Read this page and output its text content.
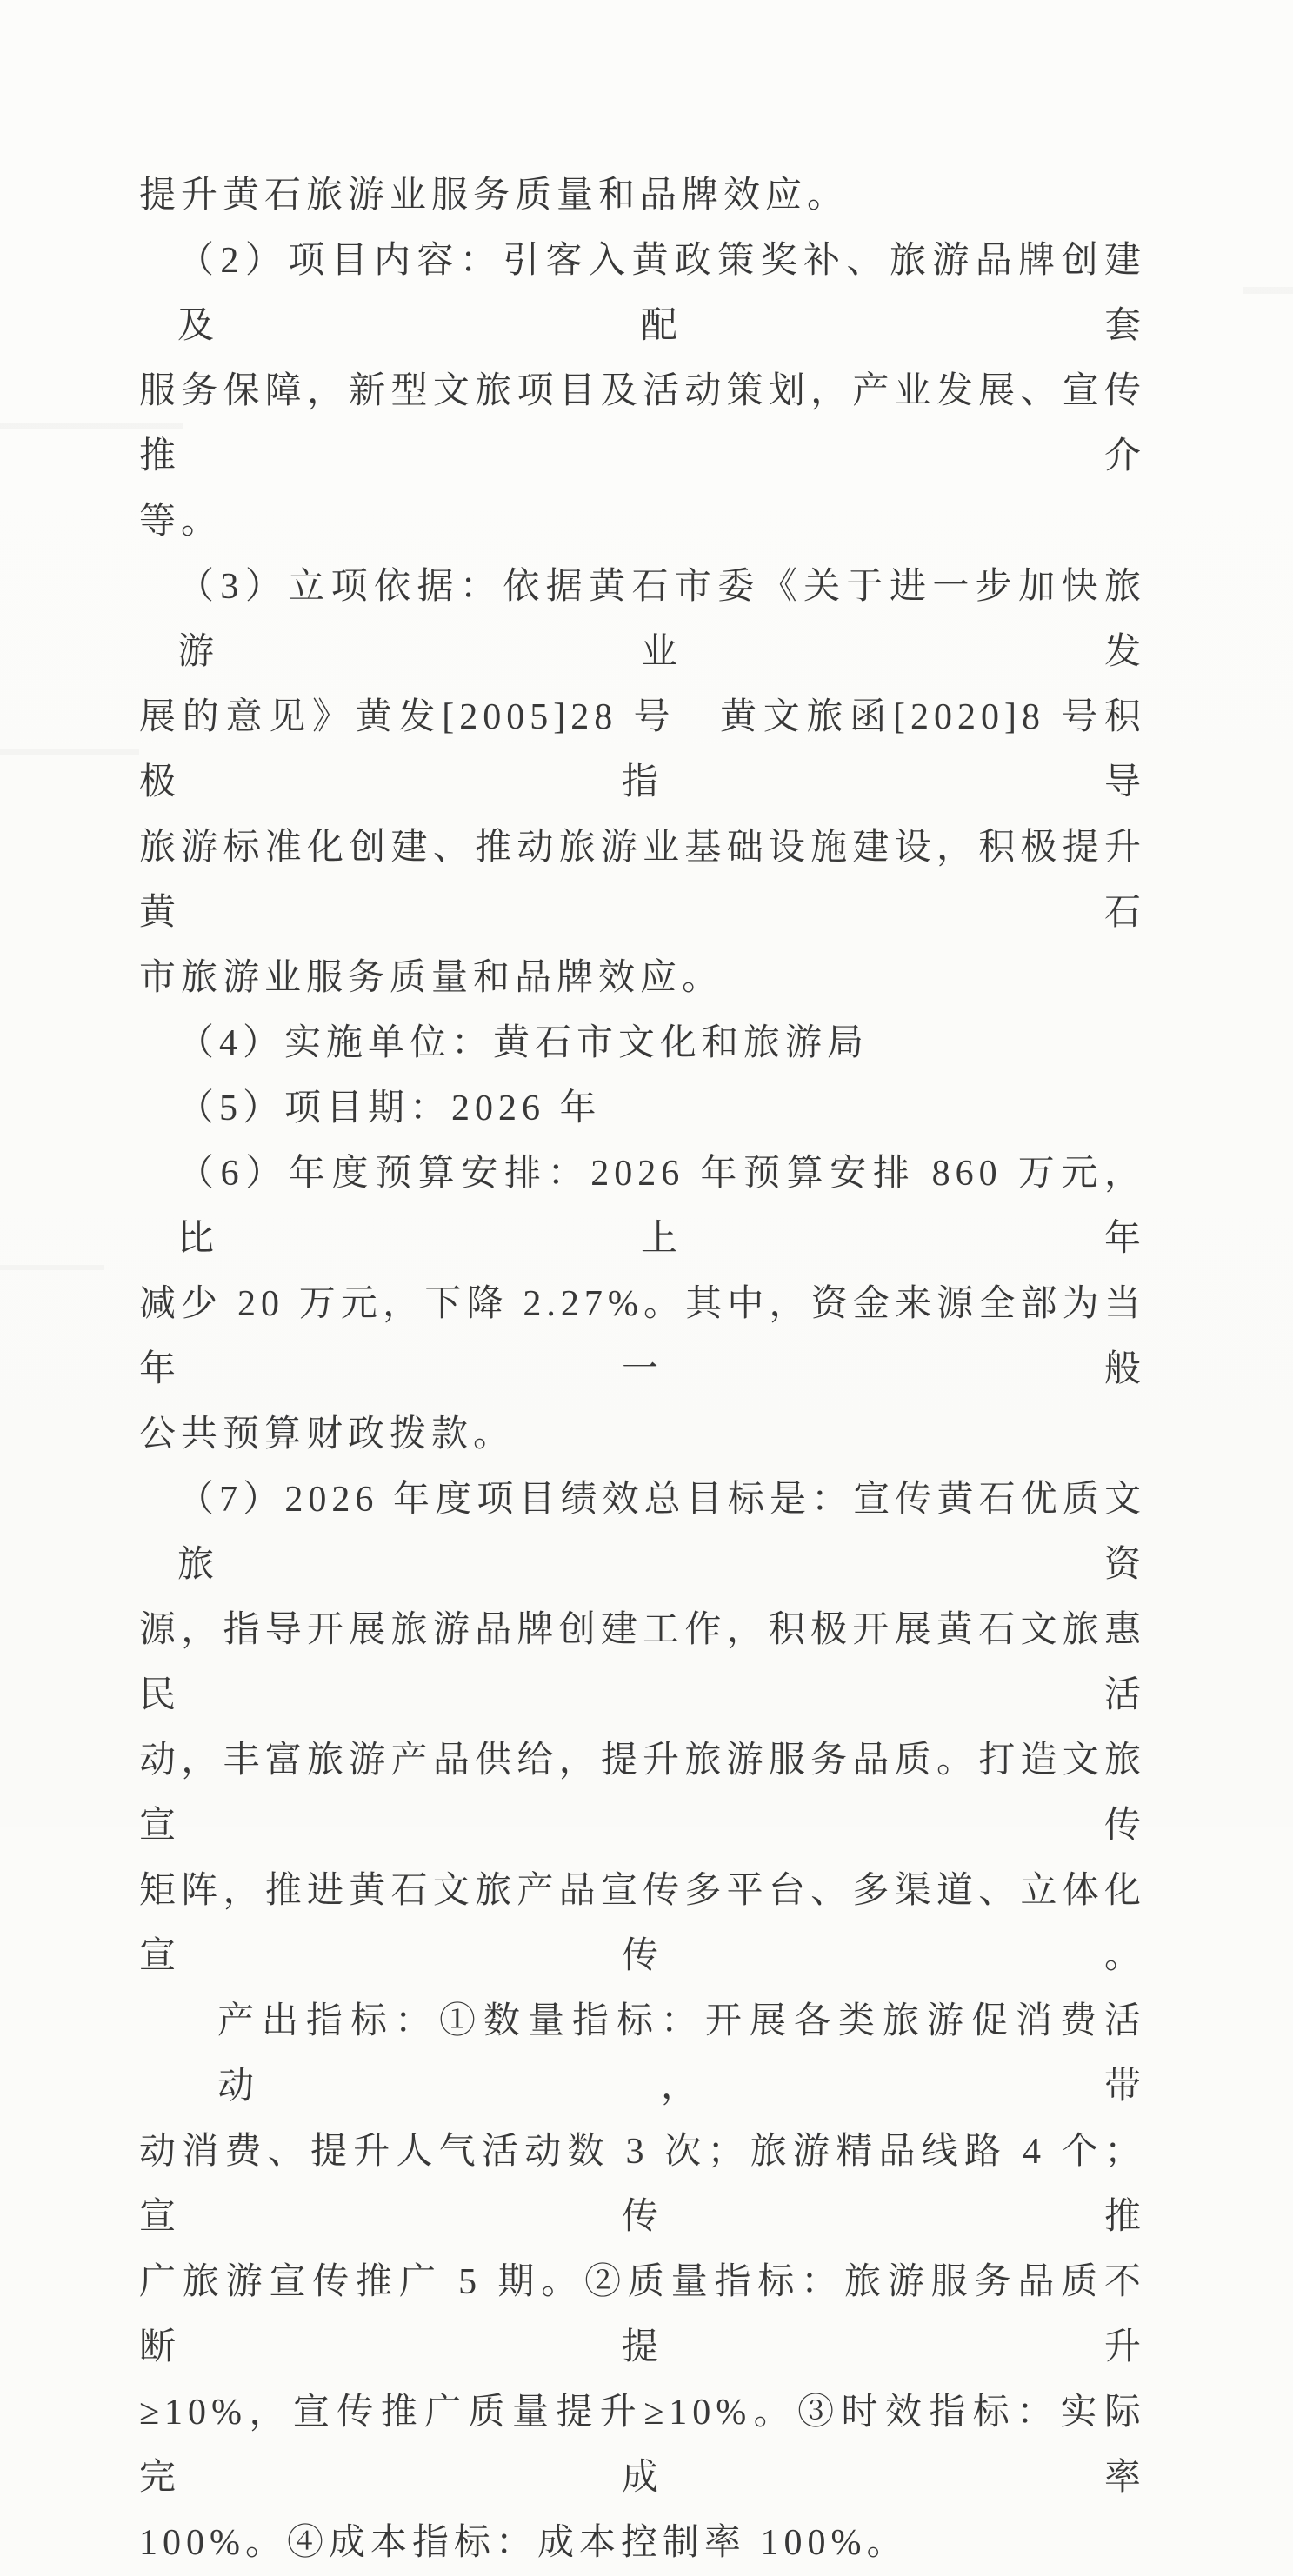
提升黄石旅游业服务质量和品牌效应。

（2）项目内容：引客入黄政策奖补、旅游品牌创建及配套

服务保障，新型文旅项目及活动策划，产业发展、宣传推介

等。

（3）立项依据：依据黄石市委《关于进一步加快旅游业发

展的意见》黄发[2005]28 号　黄文旅函[2020]8 号积极指导

旅游标准化创建、推动旅游业基础设施建设，积极提升黄石

市旅游业服务质量和品牌效应。

（4）实施单位：黄石市文化和旅游局

（5）项目期：2026 年

（6）年度预算安排：2026 年预算安排 860 万元，比上年

减少 20 万元，下降 2.27%。其中，资金来源全部为当年一般

公共预算财政拨款。

（7）2026 年度项目绩效总目标是：宣传黄石优质文旅资

源，指导开展旅游品牌创建工作，积极开展黄石文旅惠民活

动，丰富旅游产品供给，提升旅游服务品质。打造文旅宣传

矩阵，推进黄石文旅产品宣传多平台、多渠道、立体化宣传。

产出指标：①数量指标：开展各类旅游促消费活动，带

动消费、提升人气活动数 3 次；旅游精品线路 4 个；宣传推

广旅游宣传推广 5 期。②质量指标：旅游服务品质不断提升

≥10%，宣传推广质量提升≥10%。③时效指标：实际完成率

100%。④成本指标：成本控制率 100%。
